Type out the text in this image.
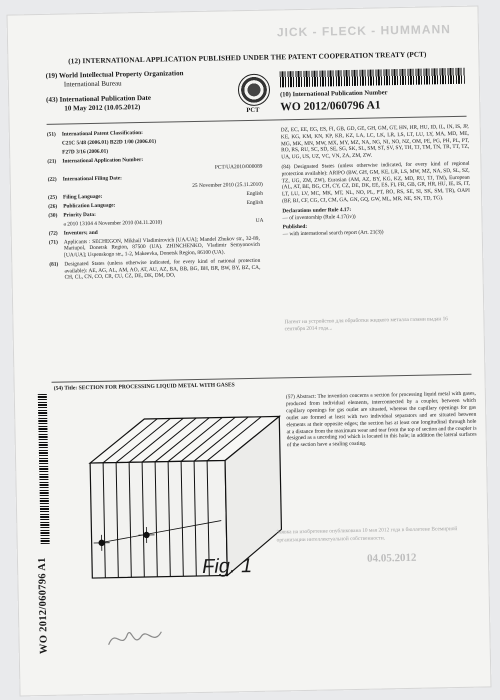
JICK - FLECK - HUMMANN
(12) INTERNATIONAL APPLICATION PUBLISHED UNDER THE PATENT COOPERATION TREATY (PCT)
(19) World Intellectual Property Organization
International Bureau
PCT
(43) International Publication Date
10 May 2012 (10.05.2012)
(10) International Publication Number
WO 2012/060796 A1
(51)	International Patent Classification:
C21C 5/48 (2006.01) B22D 1/00 (2006.01)
F27D 3/16 (2006.01)
(21)	International Application Number:
PCT/UA2010/000089
(22)	International Filing Date:
25 November 2010 (25.11.2010)
(25)	Filing Language:	English
(26)	Publication Language:	English
(30)	Priority Data:
a 2010 13104 4 November 2010 (04.11.2010)	UA
(72)	Inventors; and
(71)	Applicants : SECHEGON, Mikhail Vladimirovich [UA/UA]; Mandel Zhukov str., 32-89, Mariupol, Donetsk Region, 87500 (UA). ZHINCHENKO, Vladimir Semyonovich [UA/UA]; Uspenskogo str., 1-2, Makeevka, Donetsk Region, 86100 (UA).
(81)	Designated States (unless otherwise indicated, for every kind of national protection available): AE, AG, AL, AM, AO, AT, AU, AZ, BA, BB, BG, BH, BR, BW, BY, BZ, CA, CH, CL, CN, CO, CR, CU, CZ, DE, DK, DM, DO,
DZ, EC, EE, EG, ES, FI, GB, GD, GE, GH, GM, GT, HN, HR, HU, ID, IL, IN, IS, JP, KE, KG, KM, KN, KP, KR, KZ, LA, LC, LK, LR, LS, LT, LU, LY, MA, MD, ME, MG, MK, MN, MW, MX, MY, MZ, NA, NG, NI, NO, NZ, OM, PE, PG, PH, PL, PT, RO, RS, RU, SC, SD, SE, SG, SK, SL, SM, ST, SV, SY, TH, TJ, TM, TN, TR, TT, TZ, UA, UG, US, UZ, VC, VN, ZA, ZM, ZW.
(84) Designated States (unless otherwise indicated, for every kind of regional protection available): ARIPO (BW, GH, GM, KE, LR, LS, MW, MZ, NA, SD, SL, SZ, TZ, UG, ZM, ZW), Eurasian (AM, AZ, BY, KG, KZ, MD, RU, TJ, TM), European (AL, AT, BE, BG, CH, CY, CZ, DE, DK, EE, ES, FI, FR, GB, GR, HR, HU, IE, IS, IT, LT, LU, LV, MC, MK, MT, NL, NO, PL, PT, RO, RS, SE, SI, SK, SM, TR), OAPI (BF, BJ, CF, CG, CI, CM, GA, GN, GQ, GW, ML, MR, NE, SN, TD, TG).
Declarations under Rule 4.17:
— of inventorship (Rule 4.17(iv))
Published:
— with international search report (Art. 21(3))
Патент на устройство для обработки жидкого металла газами выдан 16 сентября 2014 года...
(54) Title: SECTION FOR PROCESSING LIQUID METAL WITH GASES
(57) Abstract: The invention concerns a section for processing liquid metal with gases, produced from individual elements, interconnected by a coupler, between which capillary openings for gas outlet are situated, whereas the capillary openings for gas outlet are formed at least with two individual separators and are situated between elements at their opposite edges; the section has at least one longitudinal through hole at a distance from the maximum wear and tear from the top of section and the coupler is designed as a uncoding rod which is located in this hole; in addition the lateral surfaces of the section have a sealing coating.
Fig. 1
WO 2012/060796 A1
Заявка на изобретение опубликована 10 мая 2012 года в бюллетене Всемирной организации интеллектуальной собственности.
04.05.2012
